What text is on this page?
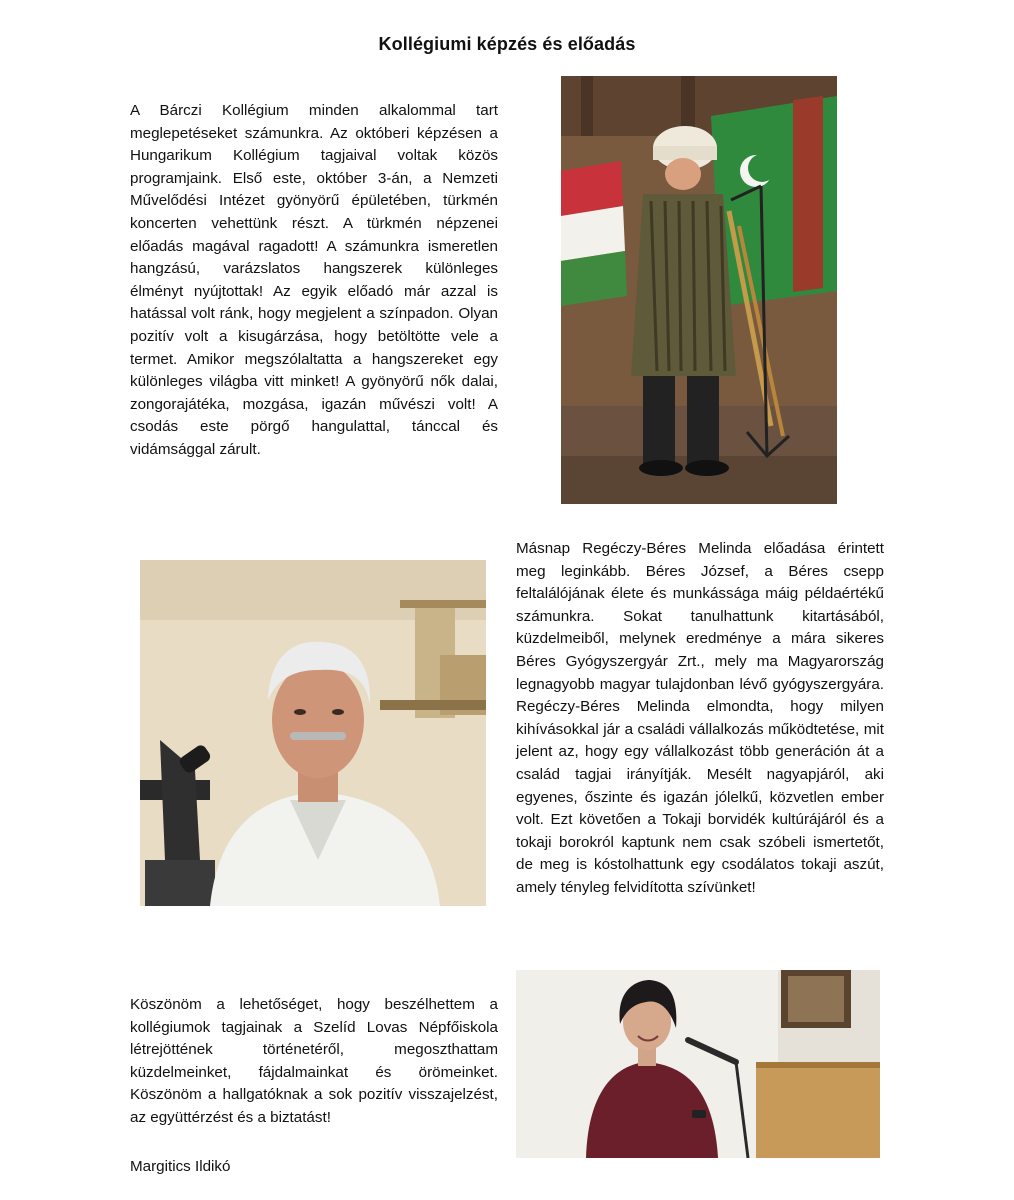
Kollégiumi képzés és előadás
A Bárczi Kollégium minden alkalommal tart meglepetéseket számunkra. Az októberi képzésen a Hungarikum Kollégium tagjaival voltak közös programjaink. Első este, október 3-án, a Nemzeti Művelődési Intézet gyönyörű épületében, türkmén koncerten vehettünk részt. A türkmén népzenei előadás magával ragadott! A számunkra ismeretlen hangzású, varázslatos hangszerek különleges élményt nyújtottak! Az egyik előadó már azzal is hatással volt ránk, hogy megjelent a színpadon. Olyan pozitív volt a kisugárzása, hogy betöltötte vele a termet. Amikor megszólaltatta a hangszereket egy különleges világba vitt minket! A gyönyörű nők dalai, zongorajátéka, mozgása, igazán művészi volt! A csodás este pörgő hangulattal, tánccal és vidámsággal zárult.
Másnap Regéczy-Béres Melinda előadása érintett meg leginkább. Béres József, a Béres csepp feltalálójának élete és munkássága máig példaértékű számunkra. Sokat tanulhattunk kitartásából, küzdelmeiből, melynek eredménye a mára sikeres Béres Gyógyszergyár Zrt., mely ma Magyarország legnagyobb magyar tulajdonban lévő gyógyszergyára. Regéczy-Béres Melinda elmondta, hogy milyen kihívásokkal jár a családi vállalkozás működtetése, mit jelent az, hogy egy vállalkozást több generáción át a család tagjai irányítják. Mesélt nagyapjáról, aki egyenes, őszinte és igazán jólelkű, közvetlen ember volt. Ezt követően a Tokaji borvidék kultúrájáról és a tokaji borokról kaptunk nem csak szóbeli ismertetőt, de meg is kóstolhattunk egy csodálatos tokaji aszút, amely tényleg felvidította szívünket!
Köszönöm a lehetőséget, hogy beszélhettem a kollégiumok tagjainak a Szelíd Lovas Népfőiskola létrejöttének történetéről, megoszthattam küzdelmeinket, fájdalmainkat és örömeinket. Köszönöm a hallgatóknak a sok pozitív visszajelzést, az együttérzést és a biztatást!
Margitics Ildikó
